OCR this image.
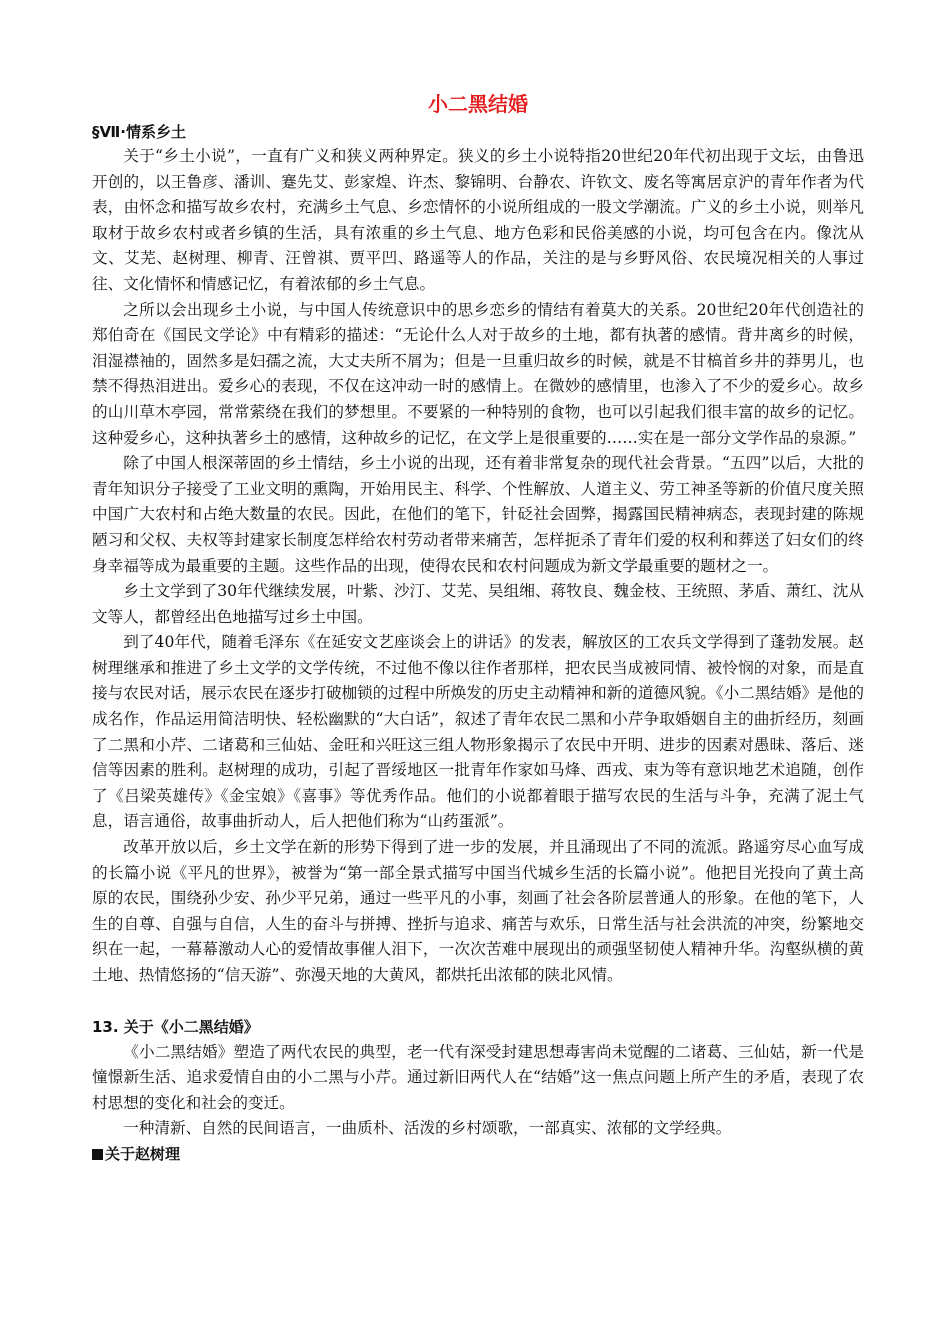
小二黑结婚
§Ⅶ·情系乡土

关于“乡土小说”，一直有广义和狭义两种界定。狭义的乡土小说特指20世纪20年代初出现于文坛，由鲁迅开创的，以王鲁彦、潘训、蹇先艾、彭家煌、许杰、黎锦明、台静农、许钦文、废名等寓居京沪的青年作者为代表，由怀念和描写故乡农村，充满乡土气息、乡恋情怀的小说所组成的一股文学潮流。广义的乡土小说，则举凡取材于故乡农村或者乡镇的生活，具有浓重的乡土气息、地方色彩和民俗美感的小说，均可包含在内。像沈从文、艾芜、赵树理、柳青、汪曾祺、贾平凹、路遥等人的作品，关注的是与乡野风俗、农民境况相关的人事过往、文化情怀和情感记忆，有着浓郁的乡土气息。

之所以会出现乡土小说，与中国人传统意识中的思乡恋乡的情结有着莫大的关系。20世纪20年代创造社的郑伯奇在《国民文学论》中有精彩的描述：“无论什么人对于故乡的土地，都有执著的感情。背井离乡的时候，泪湿襟袖的，固然多是妇孺之流，大丈夫所不屑为；但是一旦重归故乡的时候，就是不甘槁首乡井的莽男儿，也禁不得热泪进出。爱乡心的表现，不仅在这冲动一时的感情上。在微妙的感情里，也渗入了不少的爱乡心。故乡的山川草木亭园，常常萦绕在我们的梦想里。不要紧的一种特别的食物，也可以引起我们很丰富的故乡的记忆。这种爱乡心，这种执著乡土的感情，这种故乡的记忆，在文学上是很重要的……实在是一部分文学作品的泉源。”

除了中国人根深蒂固的乡土情结，乡土小说的出现，还有着非常复杂的现代社会背景。“五四”以后，大批的青年知识分子接受了工业文明的熏陶，开始用民主、科学、个性解放、人道主义、劳工神圣等新的价值尺度关照中国广大农村和占绝大数量的农民。因此，在他们的笔下，针砭社会固弊，揭露国民精神病态，表现封建的陈规陋习和父权、夫权等封建家长制度怎样给农村劳动者带来痛苦，怎样扼杀了青年们爱的权利和葬送了妇女们的终身幸福等成为最重要的主题。这些作品的出现，使得农民和农村问题成为新文学最重要的题材之一。

乡土文学到了30年代继续发展，叶紫、沙汀、艾芜、吴组缃、蒋牧良、魏金枝、王统照、茅盾、萧红、沈从文等人，都曾经出色地描写过乡土中国。

到了40年代，随着毛泽东《在延安文艺座谈会上的讲话》的发表，解放区的工农兵文学得到了蓬勃发展。赵树理继承和推进了乡土文学的文学传统，不过他不像以往作者那样，把农民当成被同情、被怜悯的对象，而是直接与农民对话，展示农民在逐步打破枷锁的过程中所焕发的历史主动精神和新的道德风貌。《小二黑结婚》是他的成名作，作品运用简洁明快、轻松幽默的“大白话”，叙述了青年农民二黑和小芹争取婚姻自主的曲折经历，刻画了二黑和小芹、二诸葛和三仙姑、金旺和兴旺这三组人物形象揭示了农民中开明、进步的因素对愚昧、落后、迷信等因素的胜利。赵树理的成功，引起了晋绥地区一批青年作家如马烽、西戎、束为等有意识地艺术追随，创作了《吕梁英雄传》《金宝娘》《喜事》等优秀作品。他们的小说都着眼于描写农民的生活与斗争，充满了泥土气息，语言通俗，故事曲折动人，后人把他们称为“山药蛋派”。

改革开放以后，乡土文学在新的形势下得到了进一步的发展，并且涌现出了不同的流派。路遥穷尽心血写成的长篇小说《平凡的世界》，被誉为“第一部全景式描写中国当代城乡生活的长篇小说”。他把目光投向了黄土高原的农民，围绕孙少安、孙少平兄弟，通过一些平凡的小事，刻画了社会各阶层普通人的形象。在他的笔下，人生的自尊、自强与自信，人生的奋斗与拼搏、挫折与追求、痛苦与欢乐，日常生活与社会洪流的冲突，纷繁地交织在一起，一幕幕激动人心的爱情故事催人泪下，一次次苦难中展现出的顽强坚韧使人精神升华。沟壑纵横的黄土地、热情悠扬的“信天游”、弥漫天地的大黄风，都烘托出浓郁的陕北风情。

13. 关于《小二黑结婚》

《小二黑结婚》塑造了两代农民的典型，老一代有深受封建思想毒害尚未觉醒的二诸葛、三仙姑，新一代是憧憬新生活、追求爱情自由的小二黑与小芹。通过新旧两代人在“结婚”这一焦点问题上所产生的矛盾，表现了农村思想的变化和社会的变迁。

一种清新、自然的民间语言，一曲质朴、活泼的乡村颂歌，一部真实、浓郁的文学经典。

关于赵树理
